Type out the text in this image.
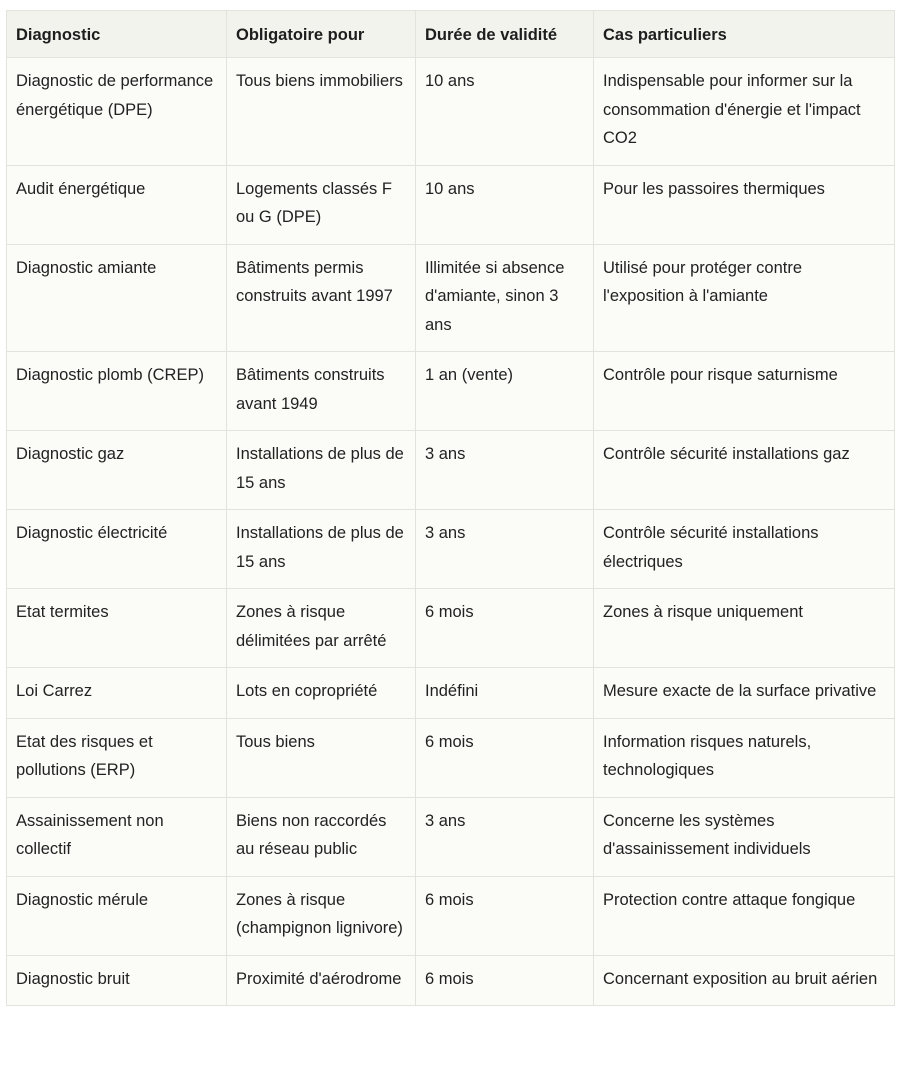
Diagnostic	Obligatoire pour	Durée de validité	Cas particuliers
Diagnostic de performance énergétique (DPE)	Tous biens immobiliers	10 ans	Indispensable pour informer sur la consommation d'énergie et l'impact CO2
Audit énergétique	Logements classés F ou G (DPE)	10 ans	Pour les passoires thermiques
Diagnostic amiante	Bâtiments permis construits avant 1997	Illimitée si absence d'amiante, sinon 3 ans	Utilisé pour protéger contre l'exposition à l'amiante
Diagnostic plomb (CREP)	Bâtiments construits avant 1949	1 an (vente)	Contrôle pour risque saturnisme
Diagnostic gaz	Installations de plus de 15 ans	3 ans	Contrôle sécurité installations gaz
Diagnostic électricité	Installations de plus de 15 ans	3 ans	Contrôle sécurité installations électriques
Etat termites	Zones à risque délimitées par arrêté	6 mois	Zones à risque uniquement
Loi Carrez	Lots en copropriété	Indéfini	Mesure exacte de la surface privative
Etat des risques et pollutions (ERP)	Tous biens	6 mois	Information risques naturels, technologiques
Assainissement non collectif	Biens non raccordés au réseau public	3 ans	Concerne les systèmes d'assainissement individuels
Diagnostic mérule	Zones à risque (champignon lignivore)	6 mois	Protection contre attaque fongique
Diagnostic bruit	Proximité d'aérodrome	6 mois	Concernant exposition au bruit aérien
